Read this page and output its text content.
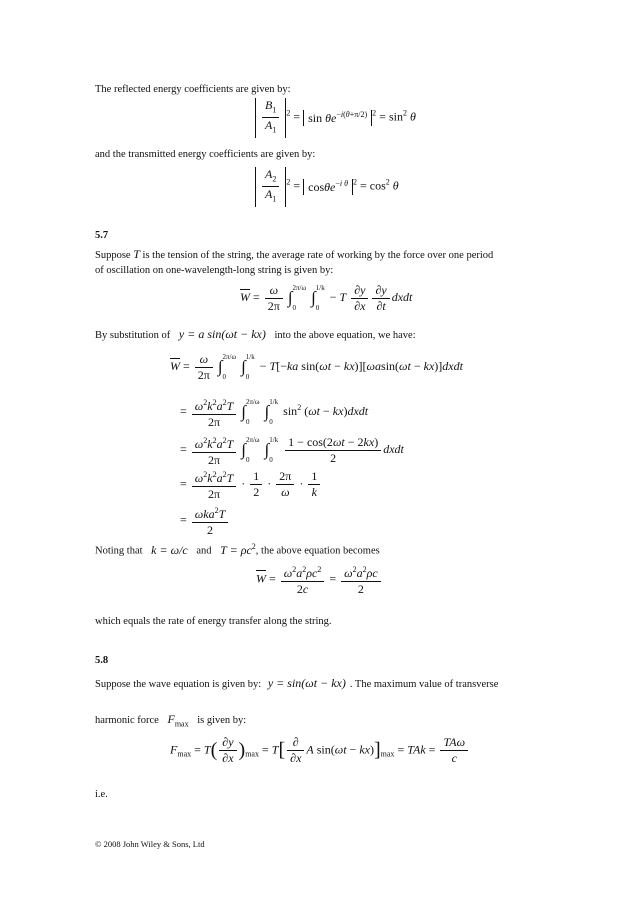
The reflected energy coefficients are given by:
$\frac{B_1}{A_1} ^2 = \sin \theta e^{-i(\theta+\pi/2)}$ $^2 = \sin^2 \theta$
and the transmitted energy coefficients are given by:
$\frac{A_2}{A_1} ^2 = \cos\theta e^{-i \theta}$ $^2 = \cos^2 \theta$
5.7
Suppose T is the tension of the string, the average rate of working by the force over one period
of oscillation on one-wavelength-long string is given by:
$\overline{W} = \frac{\omega}{2\pi}$ ∫ 2π/ω
0
∫ 1/k
0
− T $\frac{\partial y}{\partial x} \frac{\partial y}{\partial t}$ dxdt
By substitution of y = a sin(ωt − kx) into the above equation, we have:
$\overline{W} = \frac{\omega}{2\pi}$ ∫ 2π/ω
0
∫ 1/k
0
− T[−ka sin(ωt − kx)][ωasin(ωt − kx)]dxdt
= $\frac{\omega^2k^2a^2T}{2\pi}$ ∫ 2π/ω
0
∫ 1/k
0
$\sin^2 (\omega t$ − kx)dxdt
= $\frac{\omega^2k^2a^2T}{2\pi}$ ∫ 2π/ω
0
∫ 1/k
0
	$\frac{1 - \cos(2\omega t - 2kx)}{2}$ dxdt
= $\frac{\omega^2k^2a^2T}{2\pi} \cdot \frac{1}{2} \cdot \frac{2\pi}{\omega} \cdot \frac{1}{k}$
= $\frac{\omega ka^2T}{2}$
Noting that k = ω/c and $T = \rho c^2$, the above equation becomes
$\overline{W} = \frac{\omega^2a^2\rho c^2}{2c} = \frac{\omega^2a^2\rho c}{2}$
which equals the rate of energy transfer along the string.
5.8
Suppose the wave equation is given by: y = sin(ωt − kx) . The maximum value of transverse
harmonic force $F_{max}$ is given by:
$F_{max} = T( \frac{\partial y}{\partial x} )_{max} = T[ \frac{\partial}{\partial x}$ A $\sin(\omega t - kx)]_{max}$ = TAk = $\frac{\text{TAω}}{c}$
i.e.
© 2008 John Wiley & Sons, Ltd
